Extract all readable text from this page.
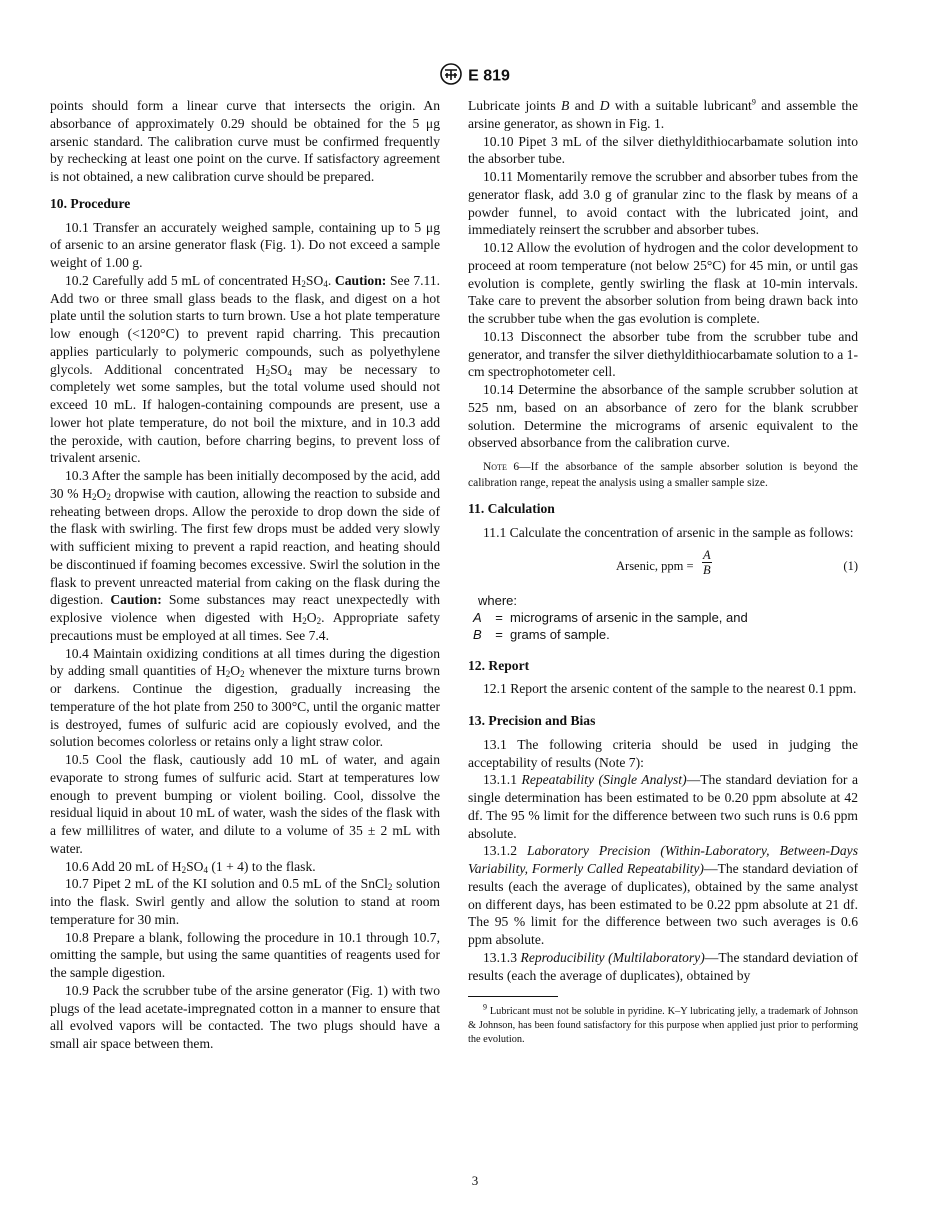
E 819

points should form a linear curve that intersects the origin. An absorbance of approximately 0.29 should be obtained for the 5 μg arsenic standard. The calibration curve must be confirmed frequently by rechecking at least one point on the curve. If satisfactory agreement is not obtained, a new calibration curve should be prepared.

10. Procedure

10.1 Transfer an accurately weighed sample, containing up to 5 μg of arsenic to an arsine generator flask (Fig. 1). Do not exceed a sample weight of 1.00 g.

10.2 Carefully add 5 mL of concentrated $H_2SO_4$. Caution: See 7.11. Add two or three small glass beads to the flask, and digest on a hot plate until the solution starts to turn brown. Use a hot plate temperature low enough (<120°C) to prevent rapid charring. This precaution applies particularly to polymeric compounds, such as polyethylene glycols. Additional concentrated $H_2SO_4$ may be necessary to completely wet some samples, but the total volume used should not exceed 10 mL. If halogen-containing compounds are present, use a lower hot plate temperature, do not boil the mixture, and in 10.3 add the peroxide, with caution, before charring begins, to prevent loss of trivalent arsenic.

10.3 After the sample has been initially decomposed by the acid, add 30 % $H_2O_2$ dropwise with caution, allowing the reaction to subside and reheating between drops. Allow the peroxide to drop down the side of the flask with swirling. The first few drops must be added very slowly with sufficient mixing to prevent a rapid reaction, and heating should be discontinued if foaming becomes excessive. Swirl the solution in the flask to prevent unreacted material from caking on the flask during the digestion. Caution: Some substances may react unexpectedly with explosive violence when digested with $H_2O_2$. Appropriate safety precautions must be employed at all times. See 7.4.

10.4 Maintain oxidizing conditions at all times during the digestion by adding small quantities of $H_2O_2$ whenever the mixture turns brown or darkens. Continue the digestion, gradually increasing the temperature of the hot plate from 250 to 300°C, until the organic matter is destroyed, fumes of sulfuric acid are copiously evolved, and the solution becomes colorless or retains only a light straw color.

10.5 Cool the flask, cautiously add 10 mL of water, and again evaporate to strong fumes of sulfuric acid. Start at temperatures low enough to prevent bumping or violent boiling. Cool, dissolve the residual liquid in about 10 mL of water, wash the sides of the flask with a few millilitres of water, and dilute to a volume of 35 ± 2 mL with water.

10.6 Add 20 mL of $H_2SO_4$ (1 + 4) to the flask.

10.7 Pipet 2 mL of the KI solution and 0.5 mL of the SnCl$_2$ solution into the flask. Swirl gently and allow the solution to stand at room temperature for 30 min.

10.8 Prepare a blank, following the procedure in 10.1 through 10.7, omitting the sample, but using the same quantities of reagents used for the sample digestion.

10.9 Pack the scrubber tube of the arsine generator (Fig. 1) with two plugs of the lead acetate-impregnated cotton in a manner to ensure that all evolved vapors will be contacted. The two plugs should have a small air space between them.

Lubricate joints B and D with a suitable lubricant$^9$ and assemble the arsine generator, as shown in Fig. 1.

10.10 Pipet 3 mL of the silver diethyldithiocarbamate solution into the absorber tube.

10.11 Momentarily remove the scrubber and absorber tubes from the generator flask, add 3.0 g of granular zinc to the flask by means of a powder funnel, to avoid contact with the lubricated joint, and immediately reinsert the scrubber and absorber tubes.

10.12 Allow the evolution of hydrogen and the color development to proceed at room temperature (not below 25°C) for 45 min, or until gas evolution is complete, gently swirling the flask at 10-min intervals. Take care to prevent the absorber solution from being drawn back into the scrubber tube when the gas evolution is complete.

10.13 Disconnect the absorber tube from the scrubber tube and generator, and transfer the silver diethyldithiocarbamate solution to a 1-cm spectrophotometer cell.

10.14 Determine the absorbance of the sample scrubber solution at 525 nm, based on an absorbance of zero for the blank scrubber solution. Determine the micrograms of arsenic equivalent to the observed absorbance from the calibration curve.

Note 6—If the absorbance of the sample absorber solution is beyond the calibration range, repeat the analysis using a smaller sample size.

11. Calculation

11.1 Calculate the concentration of arsenic in the sample as follows:

Arsenic, ppm = $\frac{A}{B}$	(1)

where:

A = micrograms of arsenic in the sample, and
B = grams of sample.
12. Report

12.1 Report the arsenic content of the sample to the nearest 0.1 ppm.

13. Precision and Bias

13.1 The following criteria should be used in judging the acceptability of results (Note 7):

13.1.1 Repeatability (Single Analyst)—The standard deviation for a single determination has been estimated to be 0.20 ppm absolute at 42 df. The 95 % limit for the difference between two such runs is 0.6 ppm absolute.

13.1.2 Laboratory Precision (Within-Laboratory, Between-Days Variability, Formerly Called Repeatability)—The standard deviation of results (each the average of duplicates), obtained by the same analyst on different days, has been estimated to be 0.22 ppm absolute at 21 df. The 95 % limit for the difference between two such averages is 0.6 ppm absolute.

13.1.3 Reproducibility (Multilaboratory)—The standard deviation of results (each the average of duplicates), obtained by

$^9$ Lubricant must not be soluble in pyridine. K–Y lubricating jelly, a trademark of Johnson & Johnson, has been found satisfactory for this purpose when applied just prior to performing the evolution.

3
